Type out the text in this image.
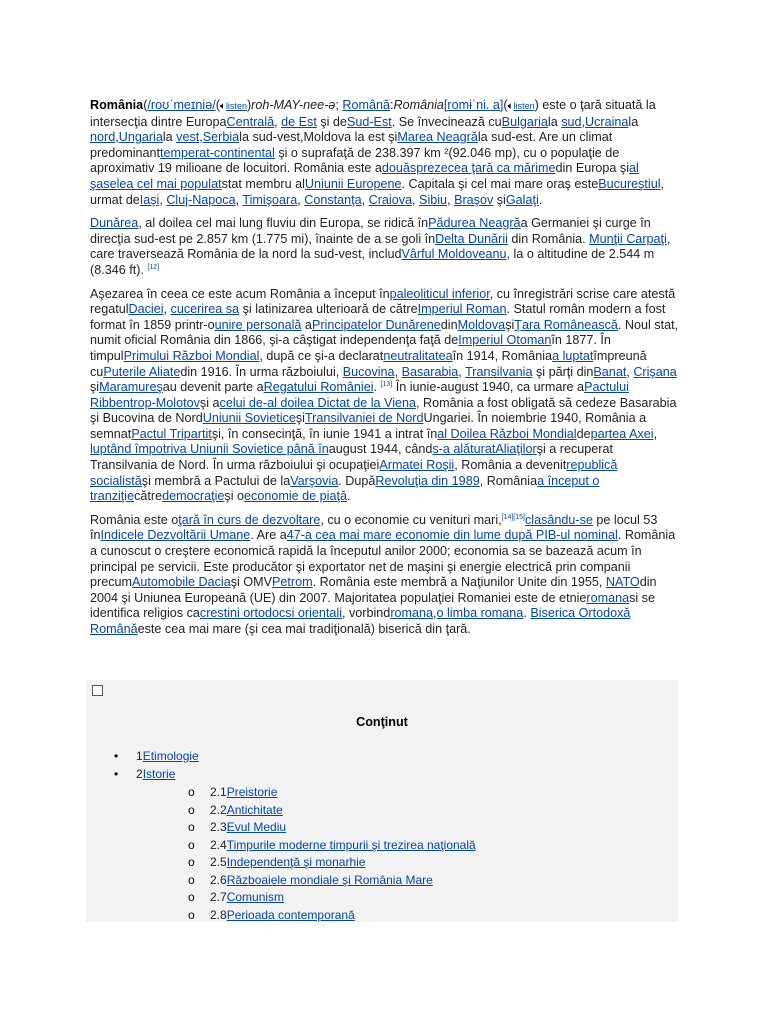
România(/roʊˈmeɪniə/(🔈︎listen)roh-MAY-nee-ə; Română:România[romɨˈni. a](🔈︎listen) este o ţară situată la intersecţia dintre EuropaCentrală, de Est şi deSud-Est. Se învecinează cuBulgariala sud,Ucrainala nord,Ungariala vest,Serbiala sud-vest,Moldova la est şiMarea Neagrăla sud-est. Are un climat predominanttemperat-continental şi o suprafaţă de 238.397 km ²(92.046 mp), cu o populaţie de aproximativ 19 milioane de locuitori. România este adouăsprezecea ţară ca mărimedin Europa şial şaselea cel mai populatstat membru alUniunii Europene. Capitala şi cel mai mare oraş esteBucureştiul, urmat deIaşi, Cluj-Napoca, Timişoara, Constanţa, Craiova, Sibiu, Braşov şiGalaţi.

Dunărea, al doilea cel mai lung fluviu din Europa, se ridică înPădurea Neagrăa Germaniei şi curge în direcţia sud-est pe 2.857 km (1.775 mi), înainte de a se goli înDelta Dunării din România. Munţii Carpaţi, care traversează România de la nord la sud-vest, includVârful Moldoveanu, la o altitudine de 2.544 m (8.346 ft). [12]

Aşezarea în ceea ce este acum România a început înpaleoliticul inferior, cu înregistrări scrise care atestă regatulDaciei, cucerirea sa şi latinizarea ulterioară de cătreImperiul Roman. Statul român modern a fost format în 1859 printr-ounire personală aPrincipatelor DunărenedinMoldovaşiŢara Românească. Noul stat, numit oficial România din 1866, şi-a câştigat independenţa faţă deImperiul Otomanîn 1877. În timpulPrimului Război Mondial, după ce şi-a declaratneutralitateaîn 1914, Româniaa luptatîmpreună cuPuterile Aliatedin 1916. În urma războiului, Bucovina, Basarabia, Transilvania şi părţi dinBanat, Crişana şiMaramureşau devenit parte aRegatului României. [13] În iunie-august 1940, ca urmare aPactului Ribbentrop-Molotovşi acelui de-al doilea Dictat de la Viena, România a fost obligată să cedeze Basarabia şi Bucovina de NordUniunii SovieticeşiTransilvaniei de NordUngariei. În noiembrie 1940, România a semnatPactul Tripartitşi, în consecinţă, în iunie 1941 a intrat înal Doilea Război Mondialdepartea Axei, luptând împotriva Uniunii Sovietice până înaugust 1944, cânds-a alăturatAliaţilorşi a recuperat Transilvania de Nord. În urma războiului şi ocupaţieiArmatei Roşii, România a devenitrepublică socialistăşi membră a Pactului de laVarşovia. DupăRevoluţia din 1989, Româniaa început o tranziţiecătredemocraţieşi oeconomie de piaţă.

România este oţară în curs de dezvoltare, cu o economie cu venituri mari,[14][15]clasându-se pe locul 53 înIndicele Dezvoltării Umane. Are a47-a cea mai mare economie din lume după PIB-ul nominal. România a cunoscut o creştere economică rapidă la începutul anilor 2000; economia sa se bazează acum în principal pe servicii. Este producător şi exportator net de maşini şi energie electrică prin companii precumAutomobile Daciaşi OMVPetrom. România este membră a Naţiunilor Unite din 1955, NATOdin 2004 şi Uniunea Europeană (UE) din 2007. Majoritatea populaţiei Romaniei este de etnieromanasi se identifica religios cacrestini ortodocsi orientali, vorbindromana,o limba romana. Biserica Ortodoxă Românăeste cea mai mare (şi cea mai tradiţională) biserică din ţară.

Conţinut
• 1Etimologie
• 2Istorie
o 2.1Preistorie
o 2.2Antichitate
o 2.3Evul Mediu
o 2.4Timpurile moderne timpurii şi trezirea naţională
o 2.5Independenţă şi monarhie
o 2.6Războaiele mondiale şi România Mare
o 2.7Comunism
o 2.8Perioada contemporană
